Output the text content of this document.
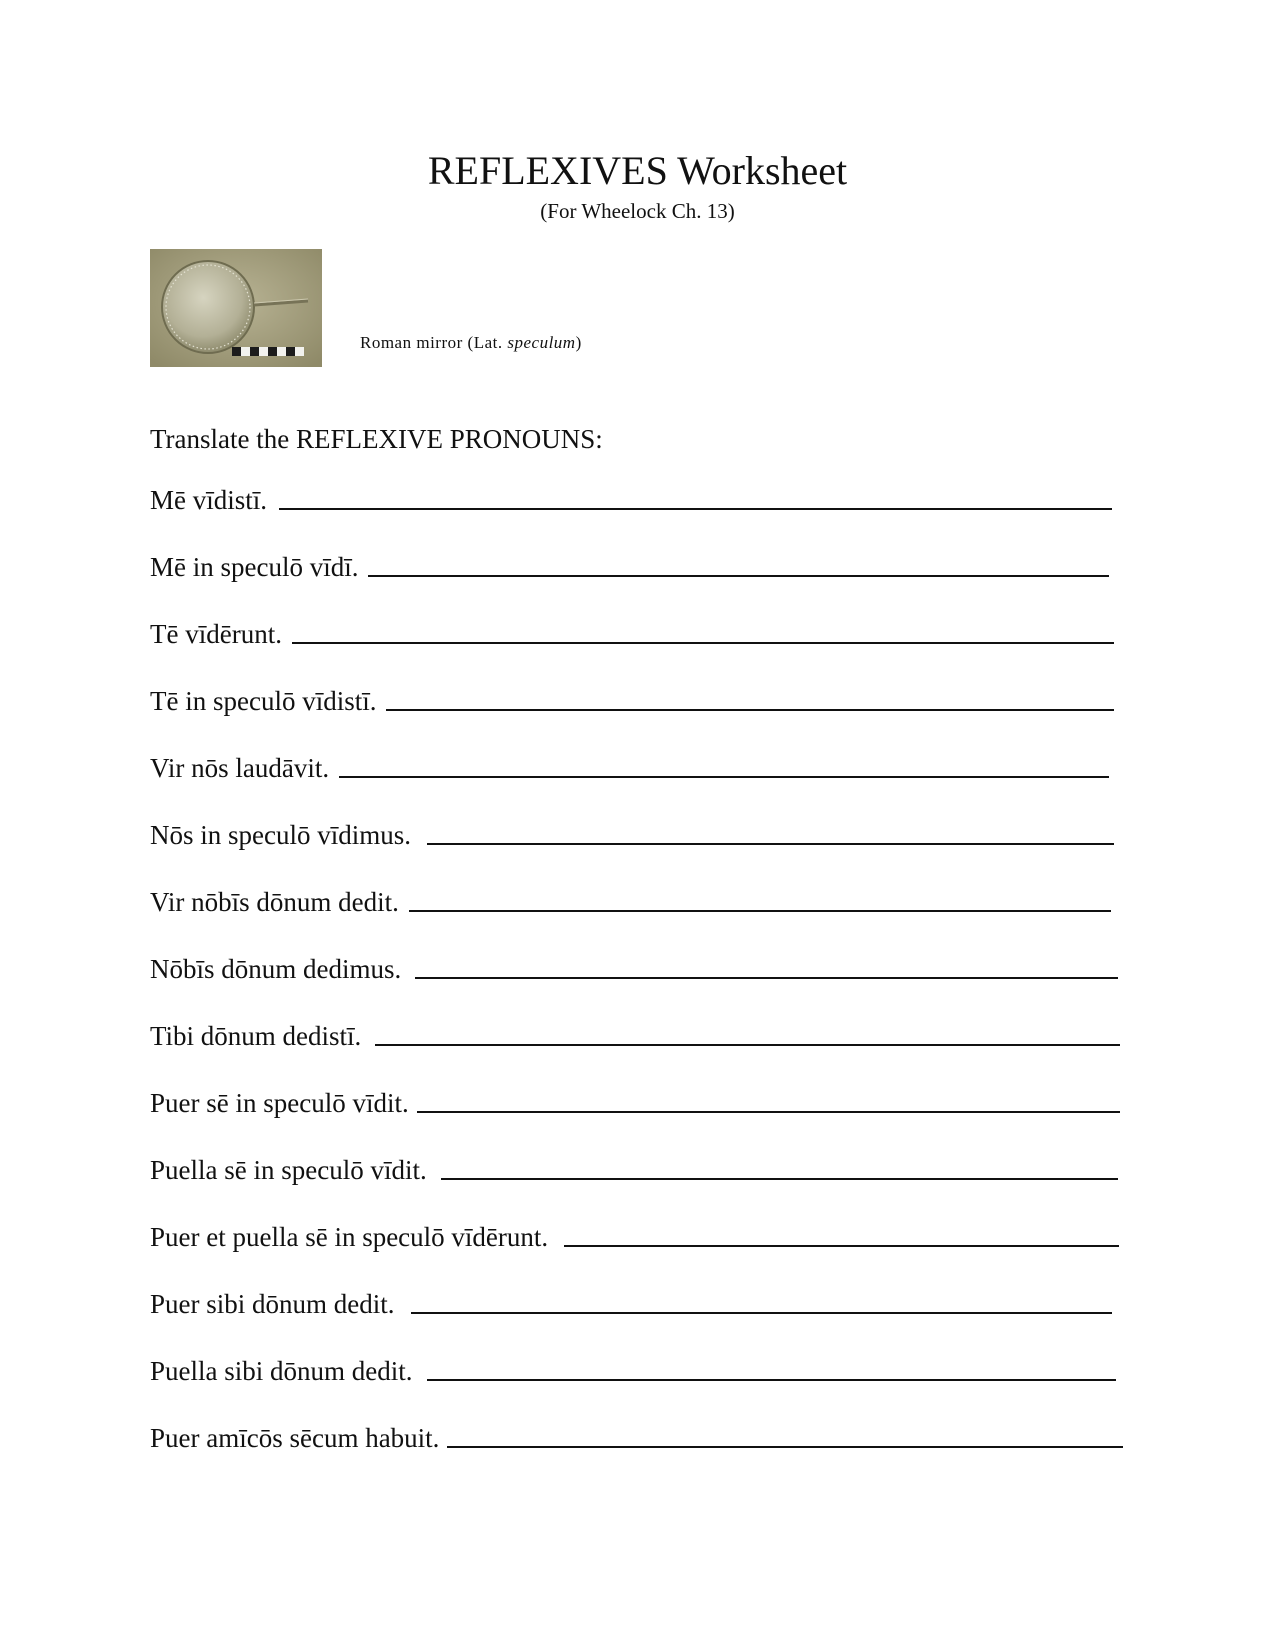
REFLEXIVES Worksheet
(For Wheelock Ch. 13)
Roman mirror (Lat. speculum)
Translate the REFLEXIVE PRONOUNS:
Mē vīdistī.
Mē in speculō vīdī.
Tē vīdērunt.
Tē in speculō vīdistī.
Vir nōs laudāvit.
Nōs in speculō vīdimus.
Vir nōbīs dōnum dedit.
Nōbīs dōnum dedimus.
Tibi dōnum dedistī.
Puer sē in speculō vīdit.
Puella sē in speculō vīdit.
Puer et puella sē in speculō vīdērunt.
Puer sibi dōnum dedit.
Puella sibi dōnum dedit.
Puer amīcōs sēcum habuit.
